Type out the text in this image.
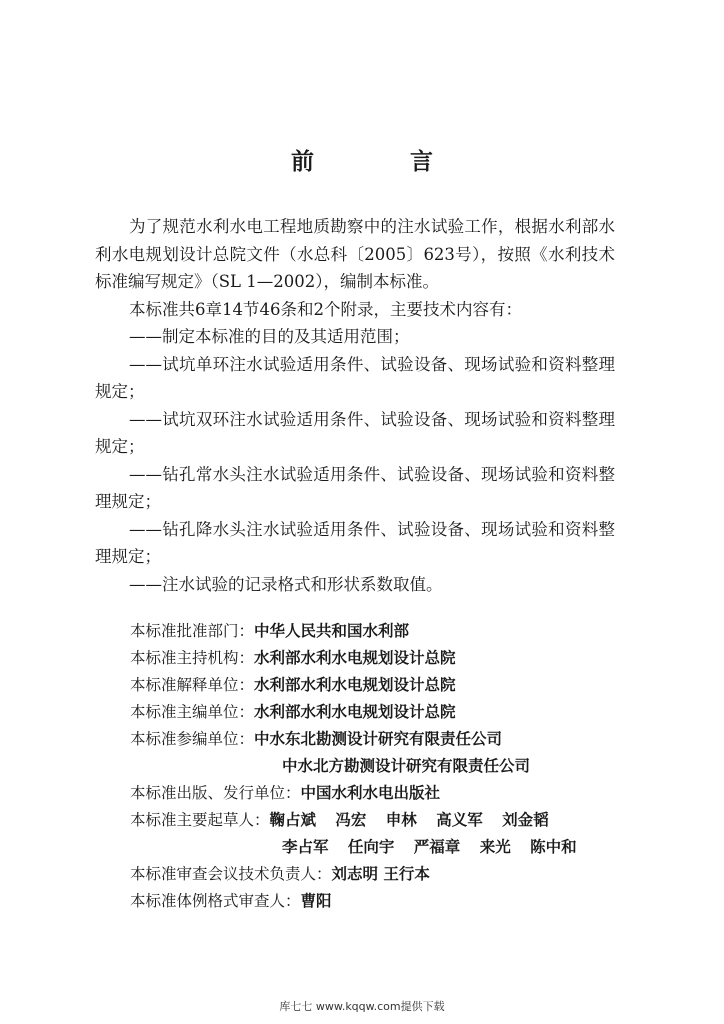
前 言

为了规范水利水电工程地质勘察中的注水试验工作，根据水利部水利水电规划设计总院文件（水总科〔2005〕623号），按照《水利技术标准编写规定》（SL 1—2002），编制本标准。

本标准共6章14节46条和2个附录，主要技术内容有：

——制定本标准的目的及其适用范围；

——试坑单环注水试验适用条件、试验设备、现场试验和资料整理规定；

——试坑双环注水试验适用条件、试验设备、现场试验和资料整理规定；

——钻孔常水头注水试验适用条件、试验设备、现场试验和资料整理规定；

——钻孔降水头注水试验适用条件、试验设备、现场试验和资料整理规定；

——注水试验的记录格式和形状系数取值。

本标准批准部门：中华人民共和国水利部
本标准主持机构：水利部水利水电规划设计总院
本标准解释单位：水利部水利水电规划设计总院
本标准主编单位：水利部水利水电规划设计总院
本标准参编单位：中水东北勘测设计研究有限责任公司
中水北方勘测设计研究有限责任公司
本标准出版、发行单位：中国水利水电出版社
本标准主要起草人：鞠占斌 冯宏 申林 高义军 刘金韬
李占军 任向宇 严福章 来光 陈中和
本标准审查会议技术负责人：刘志明 王行本
本标准体例格式审查人：曹阳
库七七 www.kqqw.com提供下载
